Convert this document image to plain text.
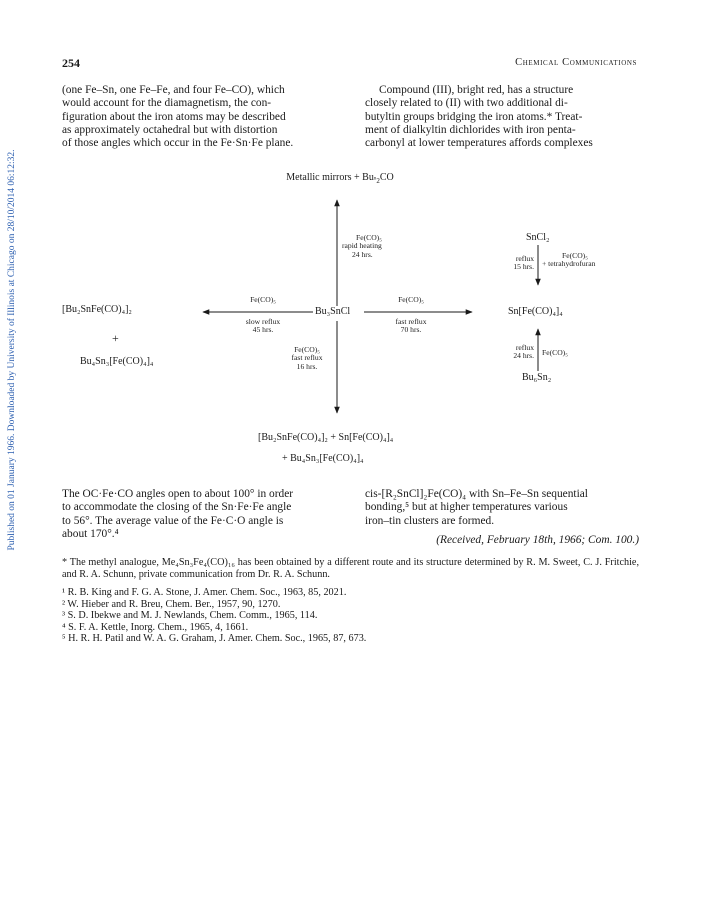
Published on 01 January 1966. Downloaded by University of Illinois at Chicago on 28/10/2014 06:12:32.
254	Chemical Communications

(one Fe–Sn, one Fe–Fe, and four Fe–CO), which

would account for the diamagnetism, the con-

figuration about the iron atoms may be described

as approximately octahedral but with distortion

of those angles which occur in the Fe·Sn·Fe plane.

Compound (III), bright red, has a structure

closely related to (II) with two additional di-

butyltin groups bridging the iron atoms.* Treat-

ment of dialkyltin dichlorides with iron penta-

carbonyl at lower temperatures affords complexes

Metallic mirrors + $Bu_{^n2}CO$
Fe(CO)₅
rapid heating
24 hrs.
Bu₃SnCl
Fe(CO)₅
slow reflux
45 hrs.
Fe(CO)₅
fast reflux
70 hrs.
Fe(CO)₅
fast reflux
16 hrs.
[Bu₂SnFe(CO)₄]₂
+
Bu₄Sn₃[Fe(CO)₄]₄
Sn[Fe(CO)₄]₄
SnCl₂
reflux
15 hrs.
Fe(CO)₅
+ tetrahydrofuran
reflux
24 hrs. Fe(CO)₅
Bu₆Sn₂
[Bu₂SnFe(CO)₄]₂ + Sn[Fe(CO)₄]₄
+ Bu₄Sn₃[Fe(CO)₄]₄

The OC·Fe·CO angles open to about 100° in order

to accommodate the closing of the Sn·Fe·Fe angle

to 56°. The average value of the Fe·C·O angle is

about 170°.⁴

cis-[R₂SnCl]₂Fe(CO)₄ with Sn–Fe–Sn sequential

bonding,⁵ but at higher temperatures various

iron–tin clusters are formed.

(Received, February 18th, 1966; Com. 100.)
* The methyl analogue, Me₄Sn₃Fe₄(CO)₁₆ has been obtained by a different route and its structure determined by R. M. Sweet, C. J. Fritchie, and R. A. Schunn, private communication from Dr. R. A. Schunn.
¹ R. B. King and F. G. A. Stone, J. Amer. Chem. Soc., 1963, 85, 2021.
² W. Hieber and R. Breu, Chem. Ber., 1957, 90, 1270.
³ S. D. Ibekwe and M. J. Newlands, Chem. Comm., 1965, 114.
⁴ S. F. A. Kettle, Inorg. Chem., 1965, 4, 1661.
⁵ H. R. H. Patil and W. A. G. Graham, J. Amer. Chem. Soc., 1965, 87, 673.
